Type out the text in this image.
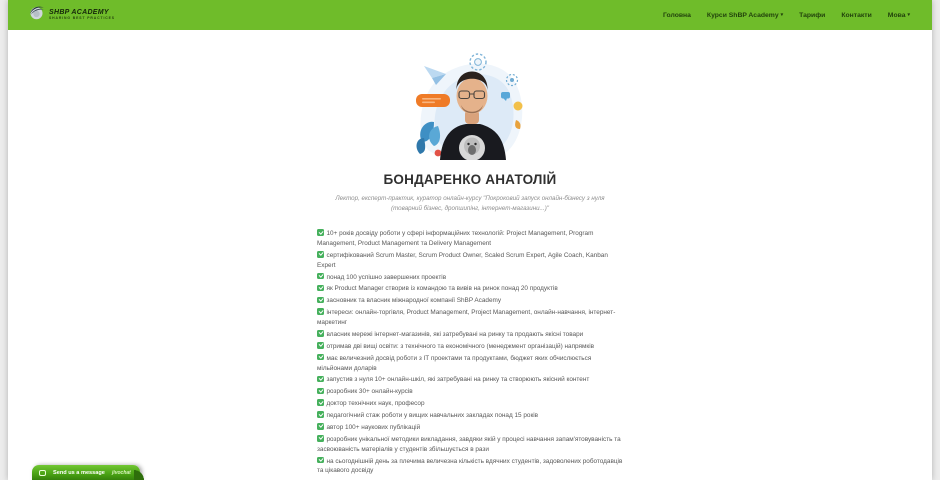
SHBP ACADEMY
SHARING BEST PRACTICES	Головна Курси ShBP Academy ▾ Тарифи Контакти Мова ▾
БОНДАРЕНКО АНАТОЛІЙ
Лектор, експерт-практик, куратор онлайн-курсу "Покроковий запуск онлайн-бізнесу з нуля (товарний бізнес, дропшипінг, інтернет-магазини...)"
10+ років досвіду роботи у сфері інформаційних технологій: Project Management, Program Management, Product Management та Delivery Management
сертифікований Scrum Master, Scrum Product Owner, Scaled Scrum Expert, Agile Coach, Kanban Expert
понад 100 успішно завершених проектів
як Product Manager створив із командою та вивів на ринок понад 20 продуктів
засновник та власник міжнародної компанії ShBP Academy
інтереси: онлайн-торгівля, Product Management, Project Management, онлайн-навчання, інтернет-маркетинг
власник мережі інтернет-магазинів, які затребувані на ринку та продають якісні товари
отримав дві вищі освіти: з технічного та економічного (менеджмент організацій) напрямків
має величезний досвід роботи з IT проектами та продуктами, бюджет яких обчислюється мільйонами доларів
запустив з нуля 10+ онлайн-шкіл, які затребувані на ринку та створюють якісний контент
розробник 30+ онлайн-курсів
доктор технічних наук, професор
педагогічний стаж роботи у вищих навчальних закладах понад 15 років
автор 100+ наукових публікацій
розробник унікальної методики викладання, завдяки якій у процесі навчання запам'ятовуваність та засвоюваність матеріалів у студентів збільшується в рази
на сьогоднішній день за плечима величезна кількість вдячних студентів, задоволених роботодавців та цікавого досвіду
Send us a message jivochat
